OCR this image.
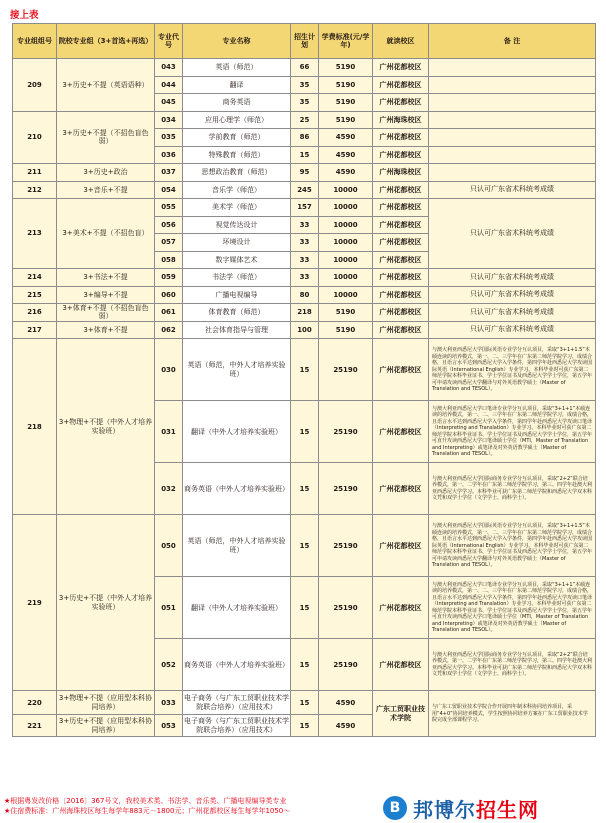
接上表
专业组组号	院校专业组（3+首选+再选）	专业代号	专业名称	招生计划	学费标准(元/学年)	就读校区	备 注
209	3+历史+不提（英语语种）	043	英语（师范）	66	5190	广州花都校区	
		044	翻译	35	5190	广州花都校区	
		045	商务英语	35	5190	广州花都校区	
210	3+历史+不提（不招色盲色弱）	034	应用心理学（师范）	25	5190	广州海珠校区	
		035	学前教育（师范）	86	4590	广州花都校区	
		036	特殊教育（师范）	15	4590	广州花都校区	
211	3+历史+政治	037	思想政治教育（师范）	95	4590	广州海珠校区	
212	3+音乐+不提	054	音乐学（师范）	245	10000	广州花都校区	只认可广东省术科统考成绩
213	3+美术+不提（不招色盲）	055	美术学（师范）	157	10000	广州花都校区	只认可广东省术科统考成绩
		056	视觉传达设计	33	10000	广州花都校区	
		057	环境设计	33	10000	广州花都校区	
		058	数字媒体艺术	33	10000	广州花都校区	
214	3+书法+不提	059	书法学（师范）	33	10000	广州花都校区	只认可广东省术科统考成绩
215	3+编导+不提	060	广播电视编导	80	10000	广州花都校区	只认可广东省术科统考成绩
216	3+体育+不提（不招色盲色弱）	061	体育教育（师范）	218	5190	广州花都校区	只认可广东省术科统考成绩
217	3+体育+不提	062	社会体育指导与管理	100	5190	广州花都校区	只认可广东省术科统考成绩
218	3+物理+不提（中外人才培养实验班）	030	英语（师范，中外人才培养实验班）	15	25190	广州花都校区	与澳大利亚西悉尼大学国际英语专业学分互认项目，采取“3+1+1.5”本硕连读的培养模式，第一、二、三学年在广东第二师范学院学习，成绩合格，且语言水平达到西悉尼大学入学条件，第四学年赴西悉尼大学攻读国际英语（International English）专业学习。本科毕业时可获广东第二师范学院本科毕业证书、学士学位证书及西悉尼大学学士学位，第五学年可申请攻读西悉尼大学翻译与对外英语教学硕士（Master of Translation and TESOL）。
		031	翻译（中外人才培养实验班）	15	25190	广州花都校区	与澳大利亚西悉尼大学口笔译专业学分互认项目，采取“3+1+1”本硕连读的培养模式，第一、二、三学年在广东第二师范学院学习，成绩合格，且语言水平达到西悉尼大学入学条件，第四学年赴西悉尼大学攻读口笔译（Interpreting and Translation）专业学习。本科毕业时可获广东第二师范学院本科毕业证书、学士学位证书及西悉尼大学学士学位，第五学年可直升攻读西悉尼大学口笔译硕士学位（MTI，Master of Translation and Interpreting）或笔译及对外英语教学硕士（Master of Translation and TESOL）。
		032	商务英语（中外人才培养实验班）	15	25190	广州花都校区	与澳大利亚西悉尼大学国际商务专业学分互认项目，采取“2+2”联合培养模式，第一、二学年在广东第二师范学院学习，第三、四学年赴澳大利亚西悉尼大学学习。本科毕业可获广东第二师范学院和西悉尼大学双本科文凭和双学士学位（文学学士、商科学士）。
219	3+历史+不提（中外人才培养实验班）	050	英语（师范，中外人才培养实验班）	15	25190	广州花都校区	与澳大利亚西悉尼大学国际英语专业学分互认项目，采取“3+1+1.5”本硕连读的培养模式，第一、二、三学年在广东第二师范学院学习，成绩合格，且语言水平达到西悉尼大学入学条件，第四学年赴西悉尼大学攻读国际英语（International English）专业学习。本科毕业时可获广东第二师范学院本科毕业证书、学士学位证书及西悉尼大学学士学位，第五学年可申请攻读西悉尼大学翻译与对外英语教学硕士（Master of Translation and TESOL）。
		051	翻译（中外人才培养实验班）	15	25190	广州花都校区	与澳大利亚西悉尼大学口笔译专业学分互认项目，采取“3+1+1”本硕连读的培养模式，第一、二、三学年在广东第二师范学院学习，成绩合格，且语言水平达到西悉尼大学入学条件，第四学年赴西悉尼大学攻读口笔译（Interpreting and Translation）专业学习。本科毕业时可获广东第二师范学院本科毕业证书、学士学位证书及西悉尼大学学士学位，第五学年可直升攻读西悉尼大学口笔译硕士学位（MTI，Master of Translation and Interpreting）或笔译及对外英语教学硕士（Master of Translation and TESOL）。
		052	商务英语（中外人才培养实验班）	15	25190	广州花都校区	与澳大利亚西悉尼大学国际商务专业学分互认项目，采取“2+2”联合培养模式，第一、二学年在广东第二师范学院学习，第三、四学年赴澳大利亚西悉尼大学学习。本科毕业可获广东第二师范学院和西悉尼大学双本科文凭和双学士学位（文学学士、商科学士）。
220	3+物理+不提（应用型本科协同培养）	033	电子商务（与广东工贸职业技术学院联合培养）（应用技术）	15	4590	广东工贸职业技术学院	与广东工贸职业技术学院合作开展四年制本科协同培养项目，采用“4+0”协同培养模式，学生按照协同培养方案在广东工贸职业技术学院完成全部课程学习。
221	3+历史+不提（应用型本科协同培养）	053	电子商务（与广东工贸职业技术学院联合培养）（应用技术）	15	4590		
★根据粤发改价格〔2016〕367号文，我校美术类、书法学、音乐类、广播电视编导类专业
★住宿费标准：广州海珠校区每生每学年883元－1800元；广州花都校区每生每学年1050～	B 邦博尔招生网
